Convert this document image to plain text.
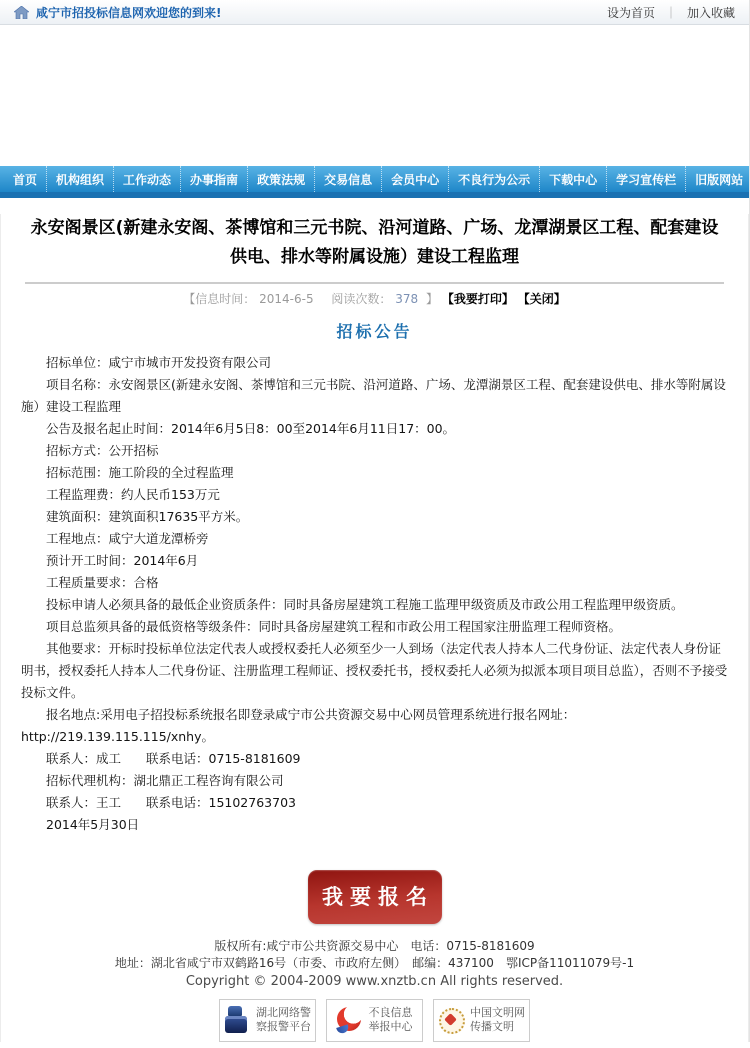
咸宁市招投标信息网欢迎您的到来!	设为首页 ｜ 加入收藏
首页	机构组织	工作动态	办事指南	政策法规	交易信息	会员中心	不良行为公示	下载中心	学习宣传栏	旧版网站
永安阁景区(新建永安阁、茶博馆和三元书院、沿河道路、广场、龙潭湖景区工程、配套建设供电、排水等附属设施）建设工程监理
【信息时间： 2014-6-5 阅读次数： 378 】 【我要打印】 【关闭】
招标公告

招标单位：咸宁市城市开发投资有限公司

项目名称：永安阁景区(新建永安阁、茶博馆和三元书院、沿河道路、广场、龙潭湖景区工程、配套建设供电、排水等附属设施）建设工程监理

公告及报名起止时间：2014年6月5日8：00至2014年6月11日17：00。

招标方式：公开招标

招标范围：施工阶段的全过程监理

工程监理费：约人民币153万元

建筑面积：建筑面积17635平方米。

工程地点：咸宁大道龙潭桥旁

预计开工时间：2014年6月

工程质量要求：合格

投标申请人必须具备的最低企业资质条件：同时具备房屋建筑工程施工监理甲级资质及市政公用工程监理甲级资质。

项目总监须具备的最低资格等级条件：同时具备房屋建筑工程和市政公用工程国家注册监理工程师资格。

其他要求：开标时投标单位法定代表人或授权委托人必须至少一人到场（法定代表人持本人二代身份证、法定代表人身份证明书，授权委托人持本人二代身份证、注册监理工程师证、授权委托书，授权委托人必须为拟派本项目项目总监），否则不予接受投标文件。

报名地点:采用电子招投标系统报名即登录咸宁市公共资源交易中心网员管理系统进行报名网址：

http://219.139.115.115/xnhy。

联系人：成工　　联系电话：0715-8181609

招标代理机构：湖北鼎正工程咨询有限公司

联系人：王工　　联系电话：15102763703

2014年5月30日

我要报名
版权所有:咸宁市公共资源交易中心　电话：0715-8181609
地址：湖北省咸宁市双鹤路16号（市委、市政府左侧）　邮编：437100　鄂ICP备11011079号-1
Copyright © 2004-2009 www.xnztb.cn All rights reserved.
湖北网络警
察报警平台
不良信息
举报中心
中国文明网
传播文明
